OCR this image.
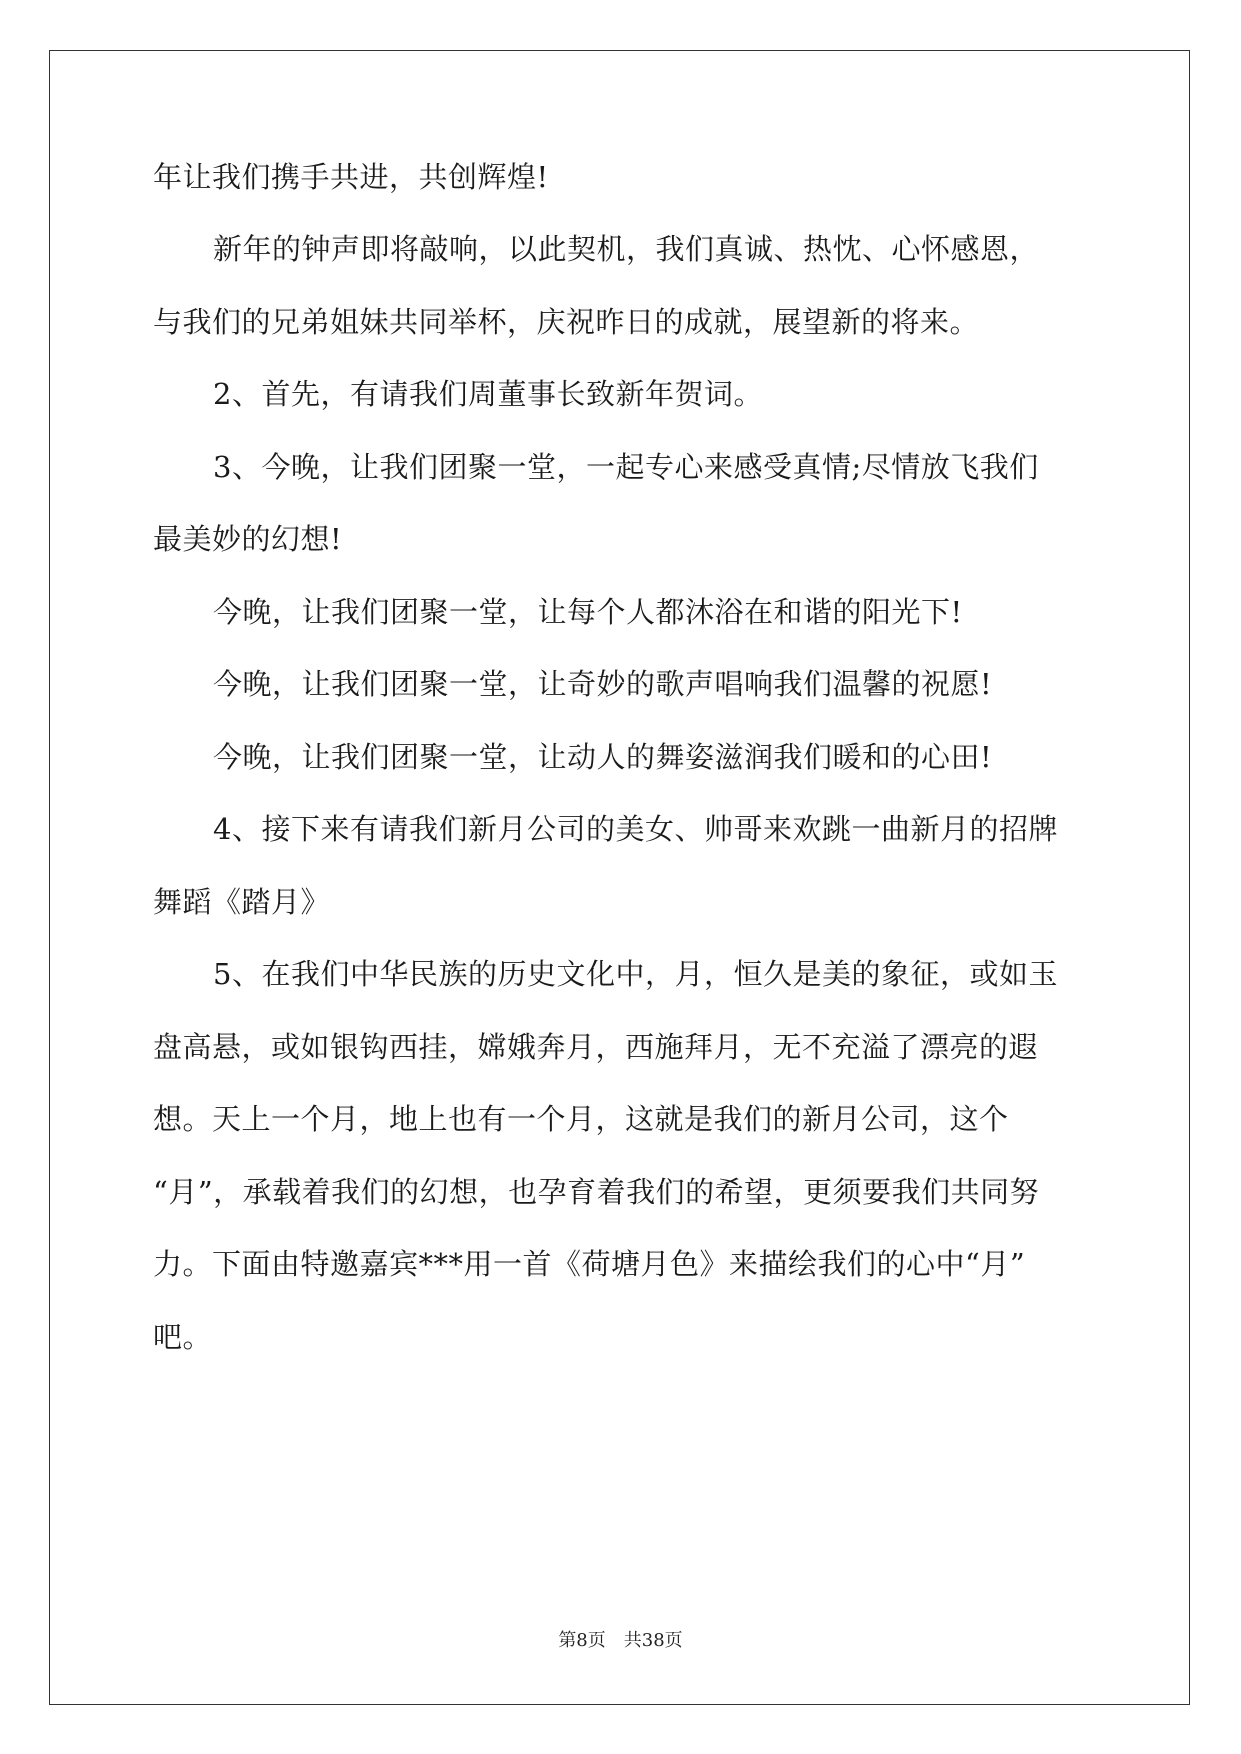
年让我们携手共进，共创辉煌!
新年的钟声即将敲响，以此契机，我们真诚、热忱、心怀感恩，
与我们的兄弟姐妹共同举杯，庆祝昨日的成就，展望新的将来。
2、首先，有请我们周董事长致新年贺词。
3、今晚，让我们团聚一堂，一起专心来感受真情;尽情放飞我们
最美妙的幻想!
今晚，让我们团聚一堂，让每个人都沐浴在和谐的阳光下!
今晚，让我们团聚一堂，让奇妙的歌声唱响我们温馨的祝愿!
今晚，让我们团聚一堂，让动人的舞姿滋润我们暖和的心田!
4、接下来有请我们新月公司的美女、帅哥来欢跳一曲新月的招牌
舞蹈《踏月》
5、在我们中华民族的历史文化中，月，恒久是美的象征，或如玉
盘高悬，或如银钩西挂，嫦娥奔月，西施拜月，无不充溢了漂亮的遐
想。天上一个月，地上也有一个月，这就是我们的新月公司，这个
“月”，承载着我们的幻想，也孕育着我们的希望，更须要我们共同努
力。下面由特邀嘉宾***用一首《荷塘月色》来描绘我们的心中“月”
吧。
第8页 共38页
